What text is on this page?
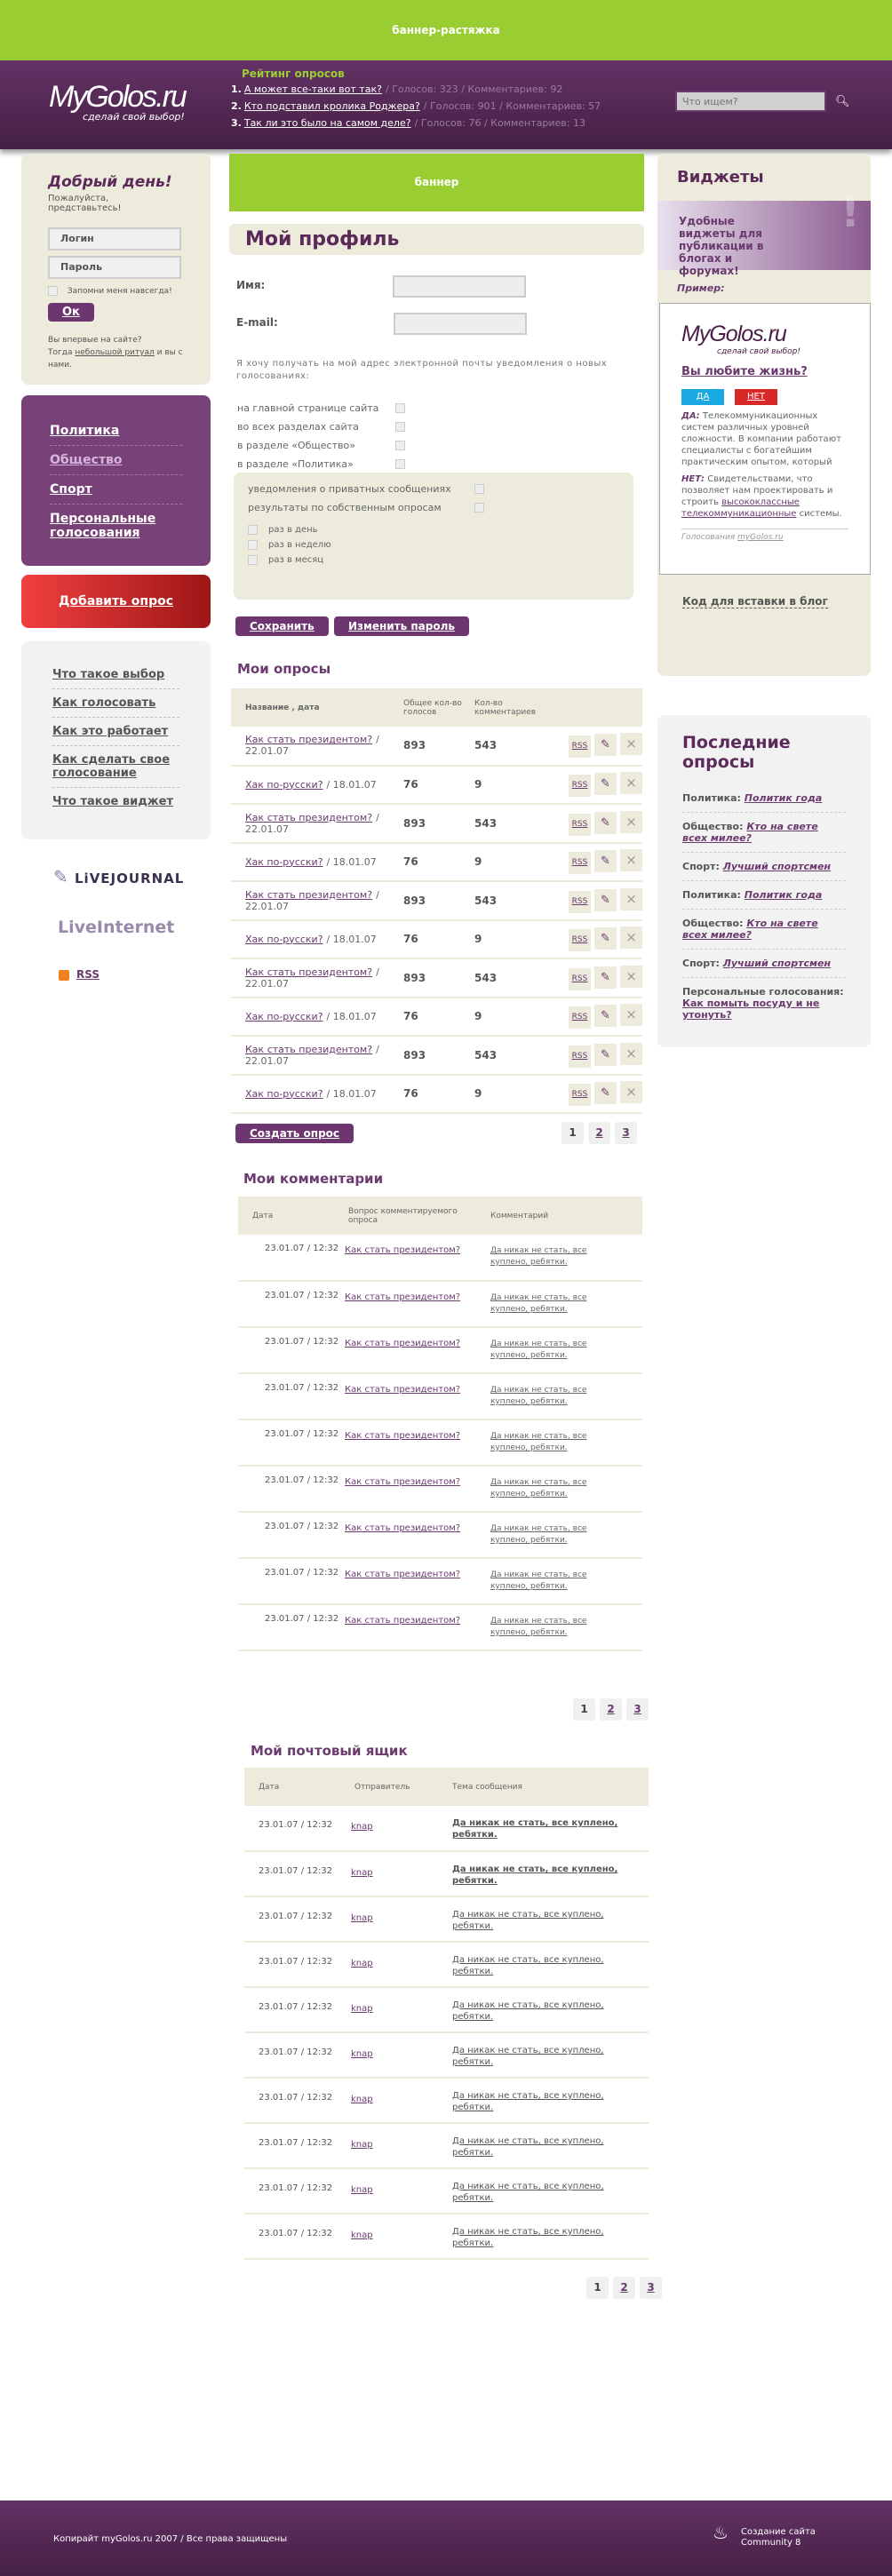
баннер-растяжка
MyGolos.ru
сделай свой выбор!
Рейтинг опросов
1. А может все-таки вот так? / Голосов: 323 / Комментариев: 92
2. Кто подставил кролика Роджера? / Голосов: 901 / Комментариев: 57
3. Так ли это было на самом деле? / Голосов: 76 / Комментариев: 13
Что ищем?
🔍︎
Добрый день!
Пожалуйста, представьтесь!
Логин
Пароль
Запомни меня навсегда!
Ок
Вы впервые на сайте?
Тогда небольшой ритуал и вы с нами.
Политика
Общество
Спорт
Персональные голосования
Добавить опрос
Что такое выбор
Как голосовать
Как это работает
Как сделать свое голосование
Что такое виджет
✎ LiVEJOURNAL
LiveInternet
RSS
баннер
Мой профиль
Имя:
E-mail:
Я хочу получать на мой адрес электронной почты уведомления о новых голосованиях:
на главной странице сайта
во всех разделах сайта
в разделе «Общество»
в разделе «Политика»
уведомления о приватных сообщениях
результаты по собственным опросам
раз в день
раз в неделю
раз в месяц
Сохранить	Изменить пароль
Мои опросы
Название , дата	Общее кол-во голосов	Кол-во комментариев	
Как стать президентом? / 22.01.07	893	543	RSS ✎ ×
Хак по-русски? / 18.01.07	76	9	RSS ✎ ×
Как стать президентом? / 22.01.07	893	543	RSS ✎ ×
Хак по-русски? / 18.01.07	76	9	RSS ✎ ×
Как стать президентом? / 22.01.07	893	543	RSS ✎ ×
Хак по-русски? / 18.01.07	76	9	RSS ✎ ×
Как стать президентом? / 22.01.07	893	543	RSS ✎ ×
Хак по-русски? / 18.01.07	76	9	RSS ✎ ×
Как стать президентом? / 22.01.07	893	543	RSS ✎ ×
Хак по-русски? / 18.01.07	76	9	RSS ✎ ×
Создать опрос	1	2	3
Мои комментарии
Дата	Вопрос комментируемого опроса	Комментарий
23.01.07 / 12:32	Как стать президентом?	Да никак не стать, все куплено, ребятки.
23.01.07 / 12:32	Как стать президентом?	Да никак не стать, все куплено, ребятки.
23.01.07 / 12:32	Как стать президентом?	Да никак не стать, все куплено, ребятки.
23.01.07 / 12:32	Как стать президентом?	Да никак не стать, все куплено, ребятки.
23.01.07 / 12:32	Как стать президентом?	Да никак не стать, все куплено, ребятки.
23.01.07 / 12:32	Как стать президентом?	Да никак не стать, все куплено, ребятки.
23.01.07 / 12:32	Как стать президентом?	Да никак не стать, все куплено, ребятки.
23.01.07 / 12:32	Как стать президентом?	Да никак не стать, все куплено, ребятки.
23.01.07 / 12:32	Как стать президентом?	Да никак не стать, все куплено, ребятки.
1	2	3
Мой почтовый ящик
Дата	Отправитель	Тема сообщения
23.01.07 / 12:32	knap	Да никак не стать, все куплено, ребятки.
23.01.07 / 12:32	knap	Да никак не стать, все куплено, ребятки.
23.01.07 / 12:32	knap	Да никак не стать, все куплено, ребятки.
23.01.07 / 12:32	knap	Да никак не стать, все куплено, ребятки.
23.01.07 / 12:32	knap	Да никак не стать, все куплено, ребятки.
23.01.07 / 12:32	knap	Да никак не стать, все куплено, ребятки.
23.01.07 / 12:32	knap	Да никак не стать, все куплено, ребятки.
23.01.07 / 12:32	knap	Да никак не стать, все куплено, ребятки.
23.01.07 / 12:32	knap	Да никак не стать, все куплено, ребятки.
23.01.07 / 12:32	knap	Да никак не стать, все куплено, ребятки.
1	2	3
Виджеты
Удобные виджеты для публикации в блогах и форумах!
!
Пример:
MyGolos.ru
сделай свой выбор!
Вы любите жизнь?
ДА	НЕТ

ДА: Телекоммуникационных систем различных уровней сложности. В компании работают специалисты с богатейшим практическим опытом, который

НЕТ: Свидетельствами, что позволяет нам проектировать и строить высококлассные телекоммуникационные системы.

Голосования myGolos.ru
Код для вставки в блог
Последние опросы
Политика: Политик года
Общество: Кто на свете всех милее?
Спорт: Лучший спортсмен
Политика: Политик года
Общество: Кто на свете всех милее?
Спорт: Лучший спортсмен
Персональные голосования:
Как помыть посуду и не утонуть?
Копирайт myGolos.ru 2007 / Все права защищены	♨ Создание сайта
Community 8
